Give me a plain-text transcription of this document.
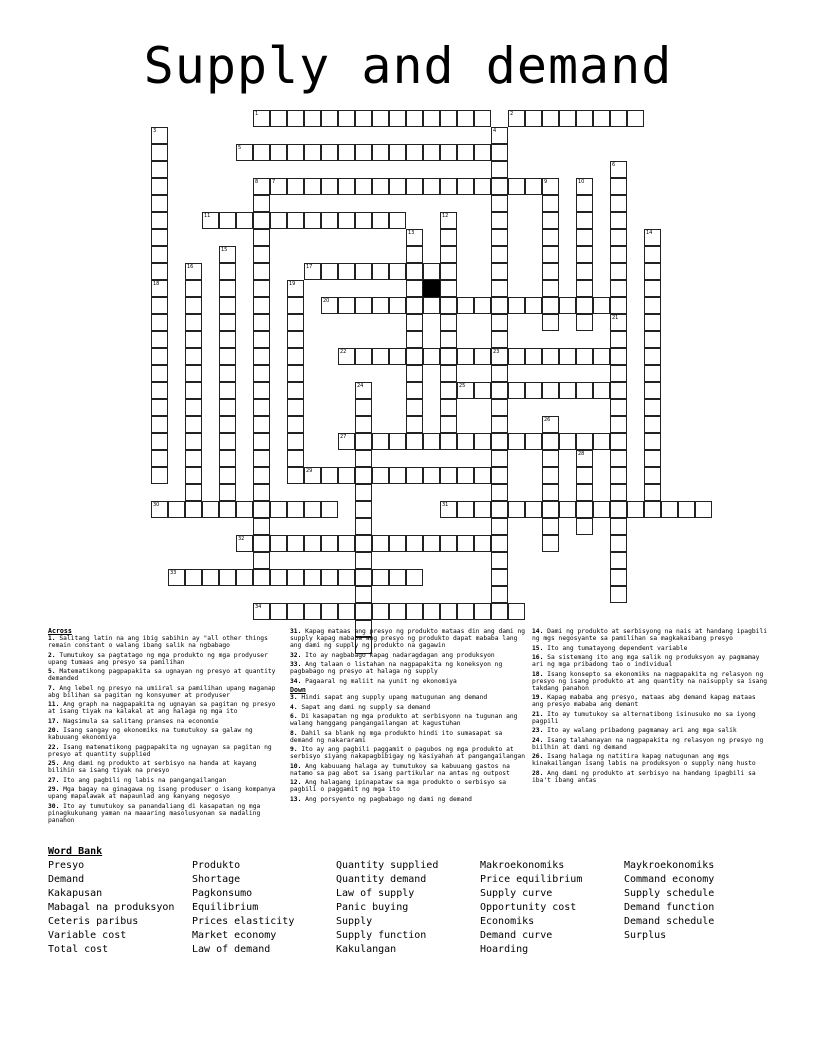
Supply and demand
1	2
5
7
11
17
20
22	23
25
27
29
30	31
32
33
34
3
18
4
6
21
8	9	10
12
13	14
15
16
19
24
26
28
Across

1. Salitang latin na ang ibig sabihin ay "all other things remain constant o walang ibang salik na ngbabago

2. Tumutukoy sa pagtatago ng mga produkto ng mga prodyuser upang tumaas ang presyo sa pamilihan

5. Matematikong pagpapakita sa ugnayan ng presyo at quantity demanded

7. Ang lebel ng presyo na umiiral sa pamilihan upang maganap abg bilihan sa pagitan ng konsyumer at prodyuser

11. Ang graph na nagpapakita ng ugnayan sa pagitan ng presyo at isang tiyak na kalakal at ang halaga ng mga ito

17. Nagsimula sa salitang pranses na economie

20. Isang sangay ng ekonomiks na tumutukoy sa galaw ng kabuuang ekonomiya

22. Isang matematikong pagpapakita ng ugnayan sa pagitan ng presyo at quantity supplied

25. Ang dami ng produkto at serbisyo na handa at kayang bilihin sa isang tiyak na presyo

27. Ito ang pagbili ng labis na pangangailangan

29. Mga bagay na ginagawa ng isang produser o isang kompanya upang mapalawak at mapaunlad ang kanyang negosyo

30. Ito ay tumutukoy sa panandaliang di kasapatan ng mga pinagkukunang yaman na maaaring masolusyonan sa madaling panahon

31. Kapag mataas ang presyo ng produkto mataas din ang dami ng supply kapag mababa ang presyo ng produkto dapat mababa lang ang dami ng supply ng produkto na gagawin

32. Ito ay nagbabago kapag nadaragdagan ang produksyon

33. Ang talaan o listahan na nagpapakita ng koneksyon ng pagbabago ng presyo at halaga ng supply

34. Pagaaral ng maliit na yunit ng ekonomiya

Down

3. Hindi sapat ang supply upang matugunan ang demand

4. Sapat ang dami ng supply sa demand

6. Di kasapatan ng mga produkto at serbisyonn na tugunan ang walang hanggang pangangailangan at kagustuhan

8. Dahil sa blank ng mga produkto hindi ito sumasapat sa demand ng nakararami

9. Ito ay ang pagbili paggamit o pagubos ng mga produkto at serbisyo siyang nakapagbibigay ng kasiyahan at pangangailangan

10. Ang kabuuang halaga ay tumutukoy sa kabuuang gastos na natamo sa pag abot sa isang partikular na antas ng outpost

12. Ang halagang ipinapataw sa mga produkto o serbisyo sa pagbili o paggamit ng mga ito

13. Ang porsyento ng pagbabago ng dami ng demand

14. Dami ng produkto at serbisyong na nais at handang ipagbili ng mgs negosyante sa pamilihan sa magkakaibang presyo

15. Ito ang tumatayong dependent variable

16. Sa sistemang ito ang mga salik ng produksyon ay pagmamay ari ng mga pribadong tao o individual

18. Isang konsepto sa ekonomiks na nagpapakita ng relasyon ng presyo ng isang produkto at ang quantity na naisupply sa isang takdang panahon

19. Kapag mababa ang presyo, mataas abg demand kapag mataas ang presyo mababa ang demant

21. Ito ay tumutukoy sa alternatibong isinusuko mo sa iyong pagpili

23. Ito ay walang pribadong pagmamay ari ang mga salik

24. Isang talahanayan na nagpapakita ng relasyon ng presyo ng biilhin at dami ng demand

26. Isang halaga ng natitira kapag natugunan ang mgs kinakailangan isang labis na produksyon o supply nang husto

28. Ang dami ng produkto at serbisyo na handang ipagbili sa iba't ibang antas

Word Bank
Presyo	Produkto	Quantity supplied	Makroekonomiks	Maykroekonomiks
Demand	Shortage	Quantity demand	Price equilibrium	Command economy
Kakapusan	Pagkonsumo	Law of supply	Supply curve	Supply schedule
Mabagal na produksyon	Equilibrium	Panic buying	Opportunity cost	Demand function
Ceteris paribus	Prices elasticity	Supply	Economiks	Demand schedule
Variable cost	Market economy	Supply function	Demand curve	Surplus
Total cost	Law of demand	Kakulangan	Hoarding
